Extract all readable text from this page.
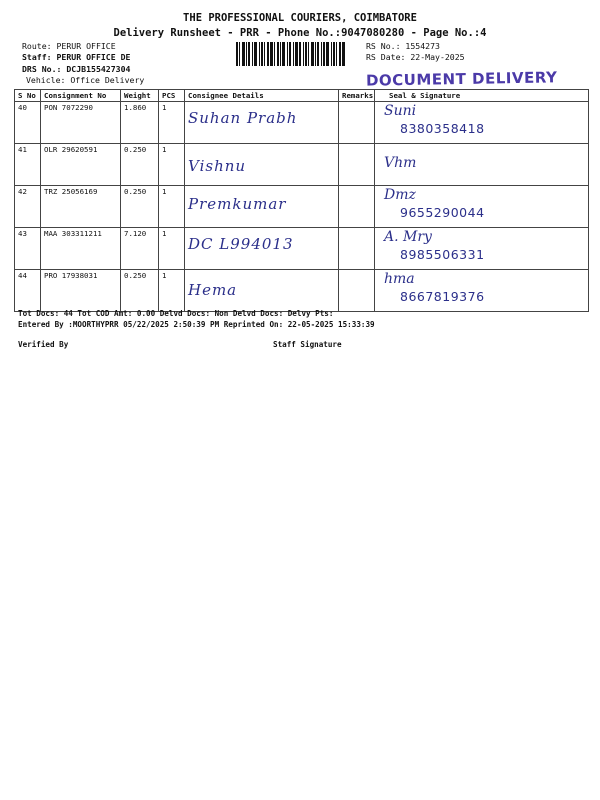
THE PROFESSIONAL COURIERS, COIMBATORE
Delivery Runsheet - PRR - Phone No.:9047080280 - Page No.:4
Route: PERUR OFFICE
Staff: PERUR OFFICE DE
DRS No.: DCJB155427304
Vehicle: Office Delivery
RS No.: 1554273
RS Date: 22-May-2025
DOCUMENT DELIVERY
S No	Consignment No	Weight	PCS	Consignee Details	Remarks	Seal & Signature
40	PON 7072290	1.860	1	Suhan Prabh		Suni
8380358418

41	OLR 29620591	0.250	1	Vishnu		Vhm

42	TRZ 25056169	0.250	1	Premkumar		Dmz
9655290044

43	MAA 303311211	7.120	1	DC L994013		A. Mry
8985506331

44	PRO 17938031	0.250	1	Hema		hma
8667819376
Tot Docs: 44 Tot COD Amt: 0.00 Delvd Docs: Non Delvd Docs: Delvy Pts:
Entered By :MOORTHYPRR 05/22/2025 2:50:39 PM Reprinted On: 22-05-2025 15:33:39
Verified By	Staff Signature
